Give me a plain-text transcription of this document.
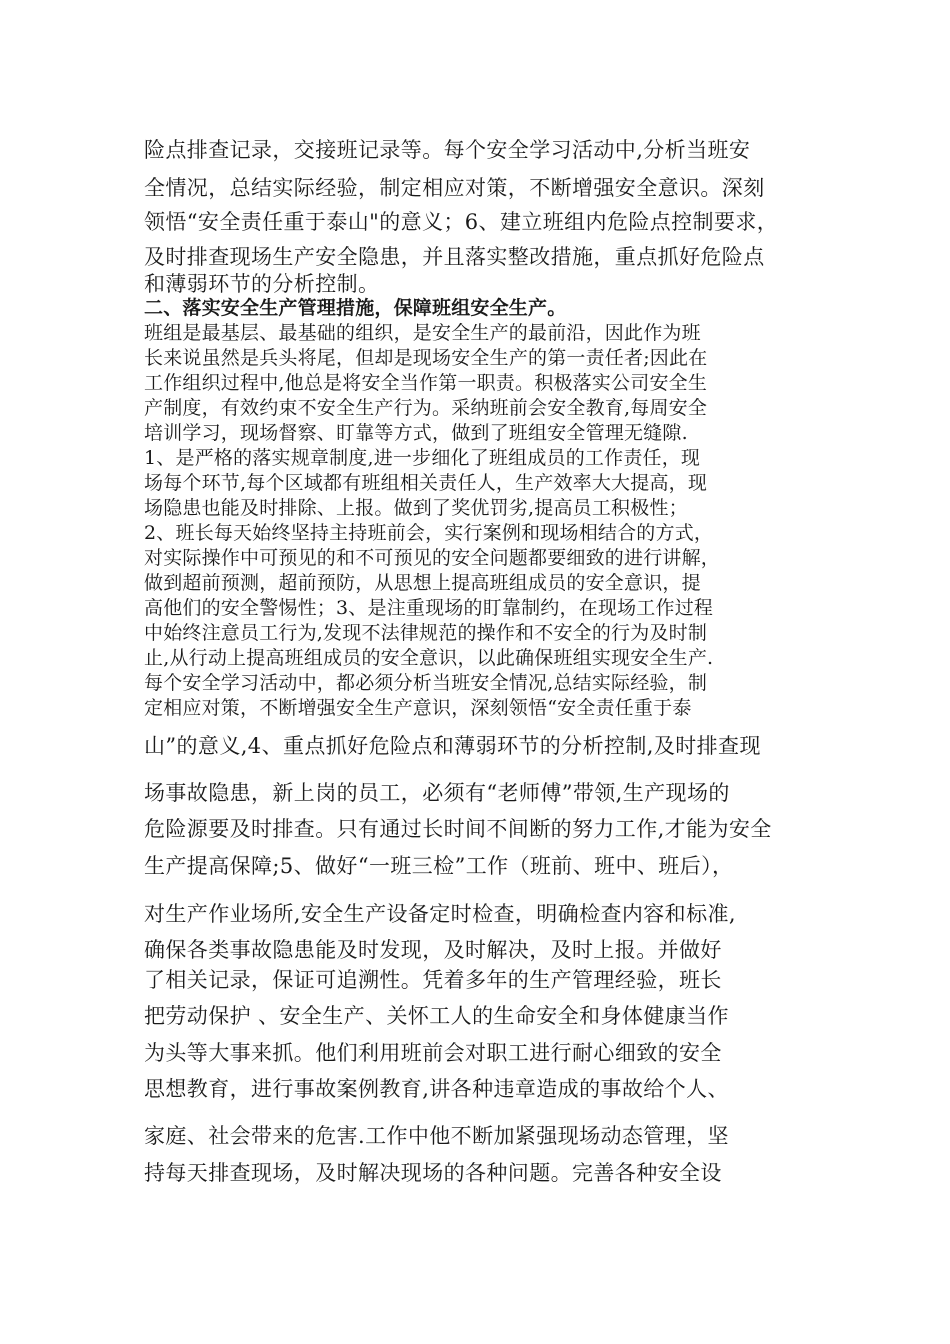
险点排查记录，交接班记录等。每个安全学习活动中,分析当班安
全情况，总结实际经验，制定相应对策，不断增强安全意识。深刻
领悟“安全责任重于泰山"的意义；6、建立班组内危险点控制要求，
及时排查现场生产安全隐患，并且落实整改措施，重点抓好危险点
和薄弱环节的分析控制。
二、落实安全生产管理措施，保障班组安全生产。
班组是最基层、最基础的组织，是安全生产的最前沿，因此作为班
长来说虽然是兵头将尾，但却是现场安全生产的第一责任者;因此在
工作组织过程中,他总是将安全当作第一职责。积极落实公司安全生
产制度，有效约束不安全生产行为。采纳班前会安全教育,每周安全
培训学习，现场督察、盯靠等方式，做到了班组安全管理无缝隙.
1、是严格的落实规章制度,进一步细化了班组成员的工作责任，现
场每个环节,每个区域都有班组相关责任人，生产效率大大提高，现
场隐患也能及时排除、上报。做到了奖优罚劣,提高员工积极性；
2、班长每天始终坚持主持班前会，实行案例和现场相结合的方式，
对实际操作中可预见的和不可预见的安全问题都要细致的进行讲解，
做到超前预测，超前预防，从思想上提高班组成员的安全意识，提
高他们的安全警惕性；3、是注重现场的盯靠制约，在现场工作过程
中始终注意员工行为,发现不法律规范的操作和不安全的行为及时制
止,从行动上提高班组成员的安全意识，以此确保班组实现安全生产.
每个安全学习活动中，都必须分析当班安全情况,总结实际经验，制
定相应对策，不断增强安全生产意识，深刻领悟“安全责任重于泰
山”的意义,4、重点抓好危险点和薄弱环节的分析控制,及时排查现
场事故隐患，新上岗的员工，必须有“老师傅”带领,生产现场的
危险源要及时排查。只有通过长时间不间断的努力工作,才能为安全
生产提高保障;5、做好“一班三检”工作（班前、班中、班后），
对生产作业场所,安全生产设备定时检查，明确检查内容和标准,
确保各类事故隐患能及时发现，及时解决，及时上报。并做好
了相关记录，保证可追溯性。凭着多年的生产管理经验，班长
把劳动保护 、安全生产、关怀工人的生命安全和身体健康当作
为头等大事来抓。他们利用班前会对职工进行耐心细致的安全
思想教育，进行事故案例教育,讲各种违章造成的事故给个人、
家庭、社会带来的危害.工作中他不断加紧强现场动态管理，坚
持每天排查现场，及时解决现场的各种问题。完善各种安全设
